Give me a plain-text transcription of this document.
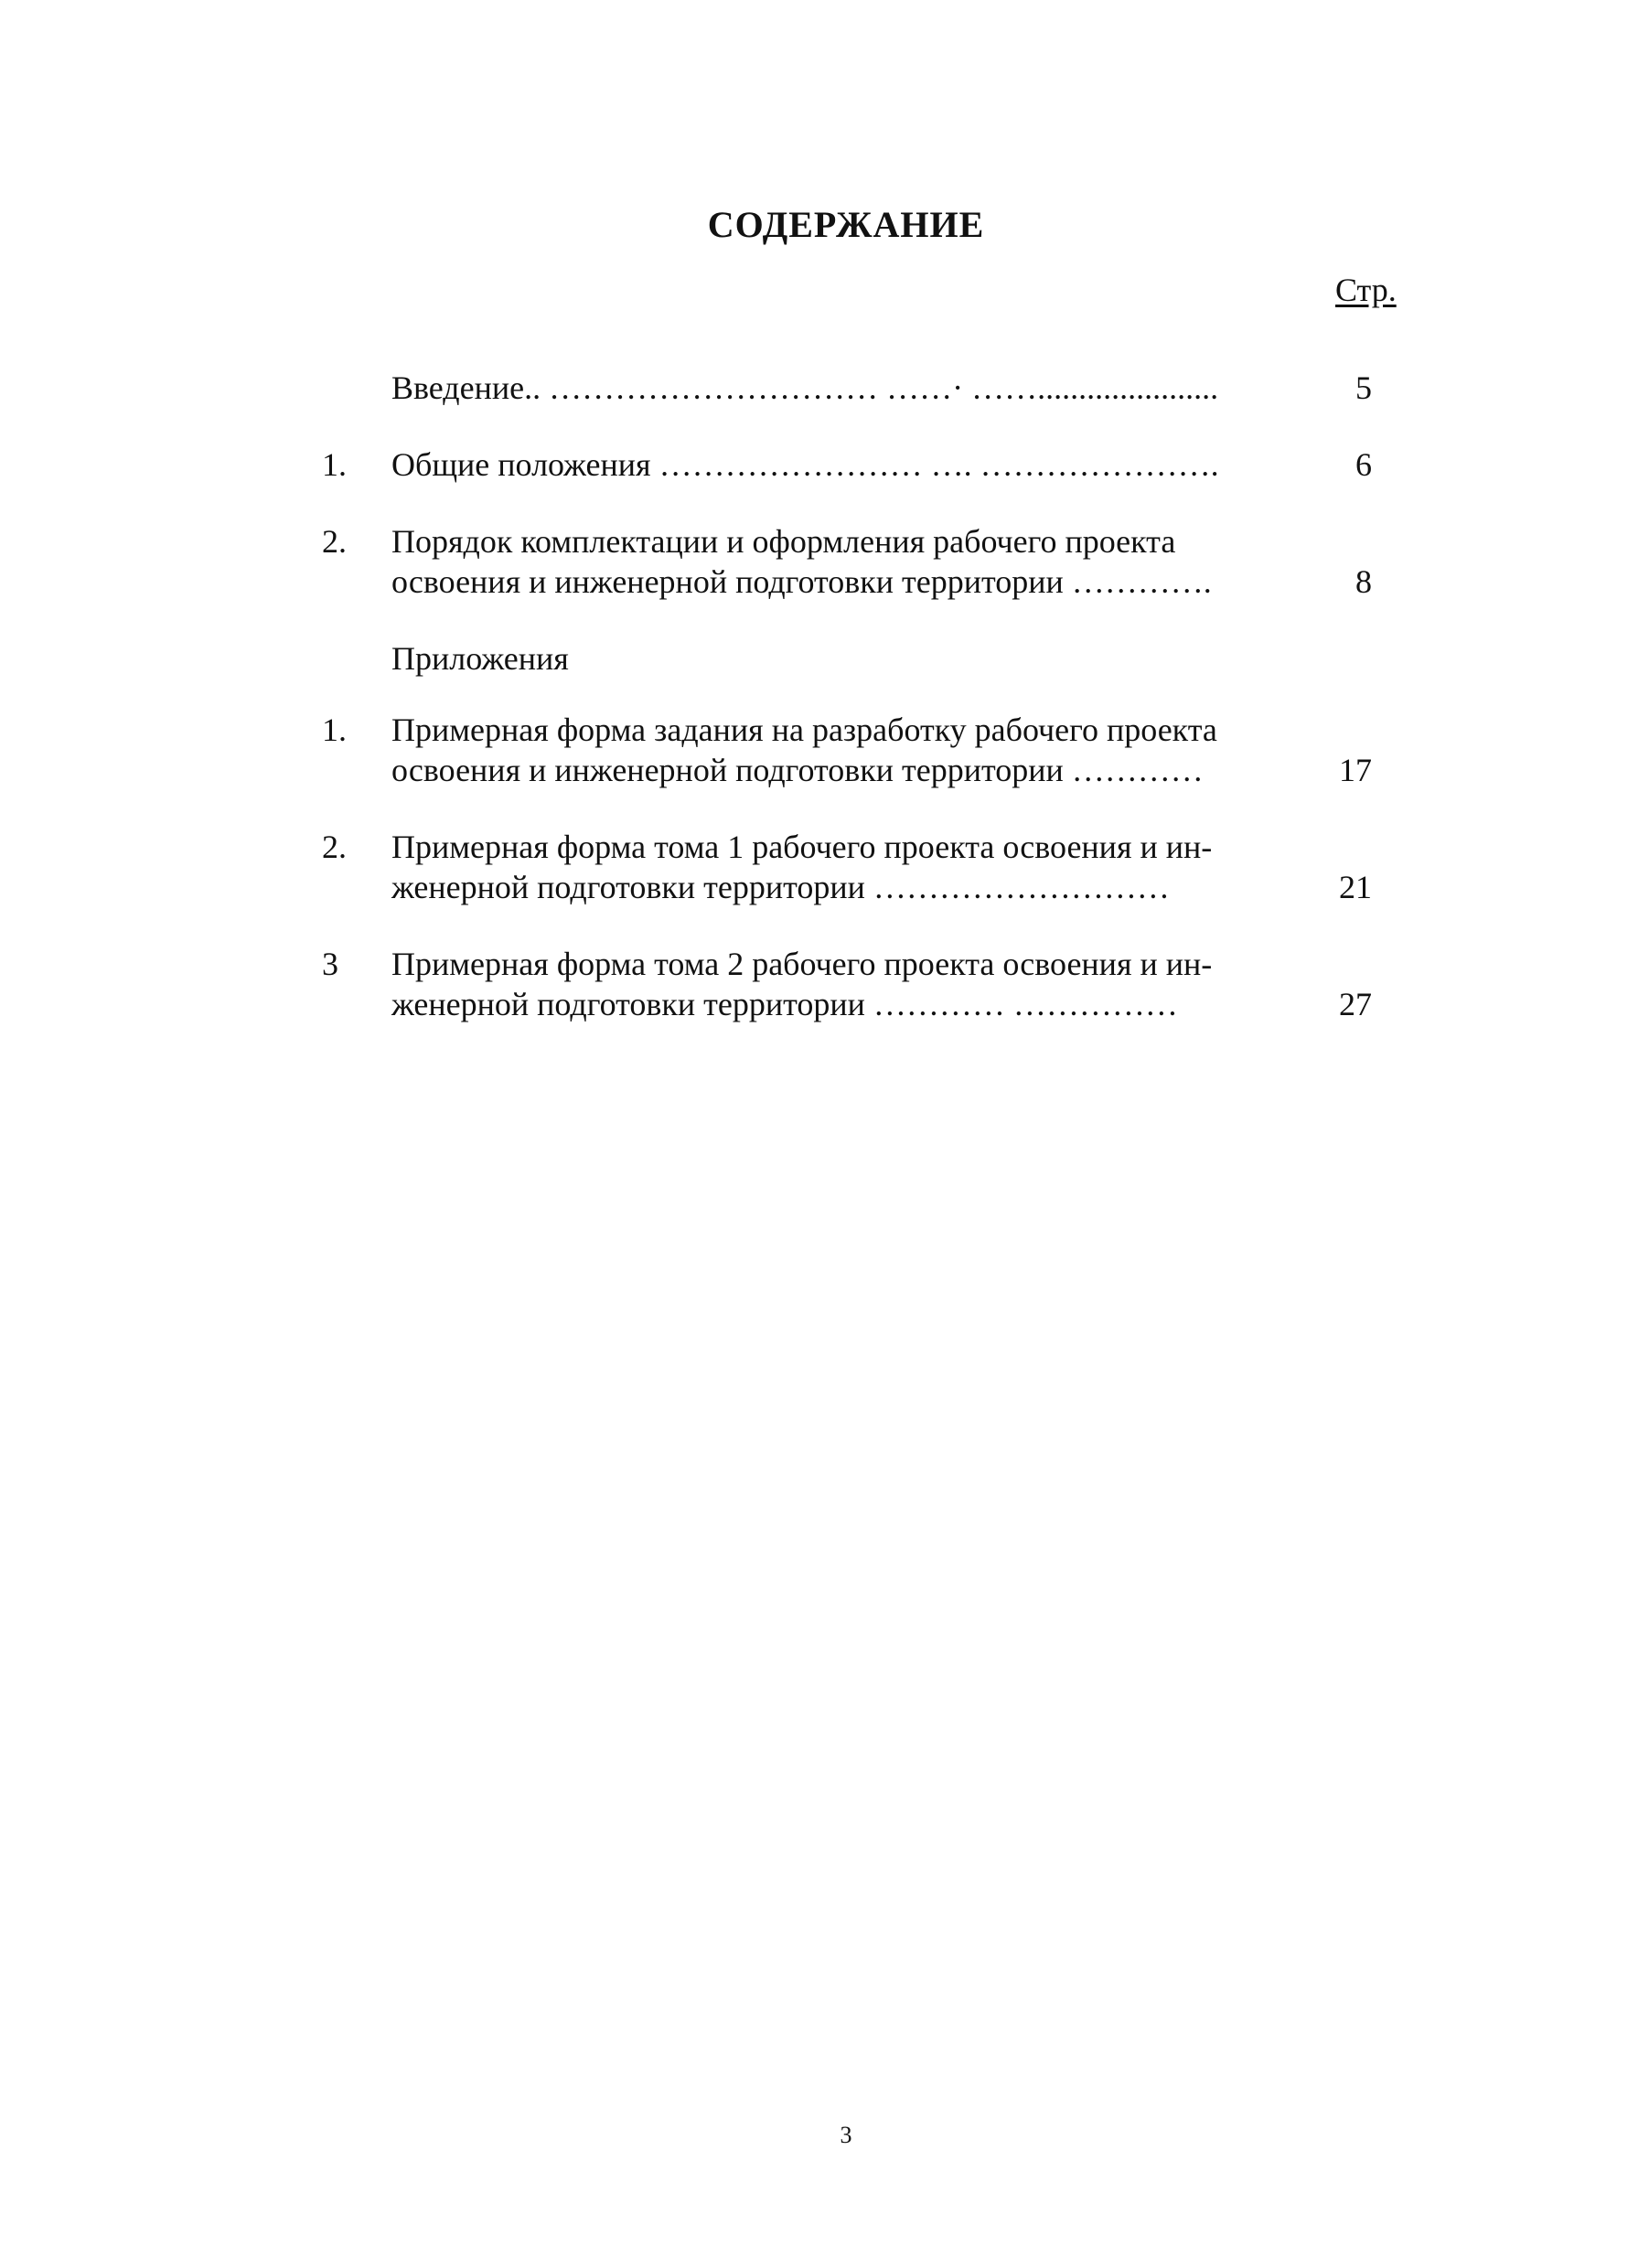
СОДЕРЖАНИЕ
Стр.
Введение.. ………………………… ……· ……......................	5
1.	Общие положения …………………… …. ………………….	6
2.	Порядок комплектации и оформления рабочего проекта
освоения и инженерной подготовки территории ………….	8
Приложения
1.	Примерная форма задания на разработку рабочего проекта
освоения и инженерной подготовки территории …………	17
2.	Примерная форма тома 1 рабочего проекта освоения и ин-
женерной подготовки территории ………………………	21
3	Примерная форма тома 2 рабочего проекта освоения и ин-
женерной подготовки территории ………… ……………	27
3
